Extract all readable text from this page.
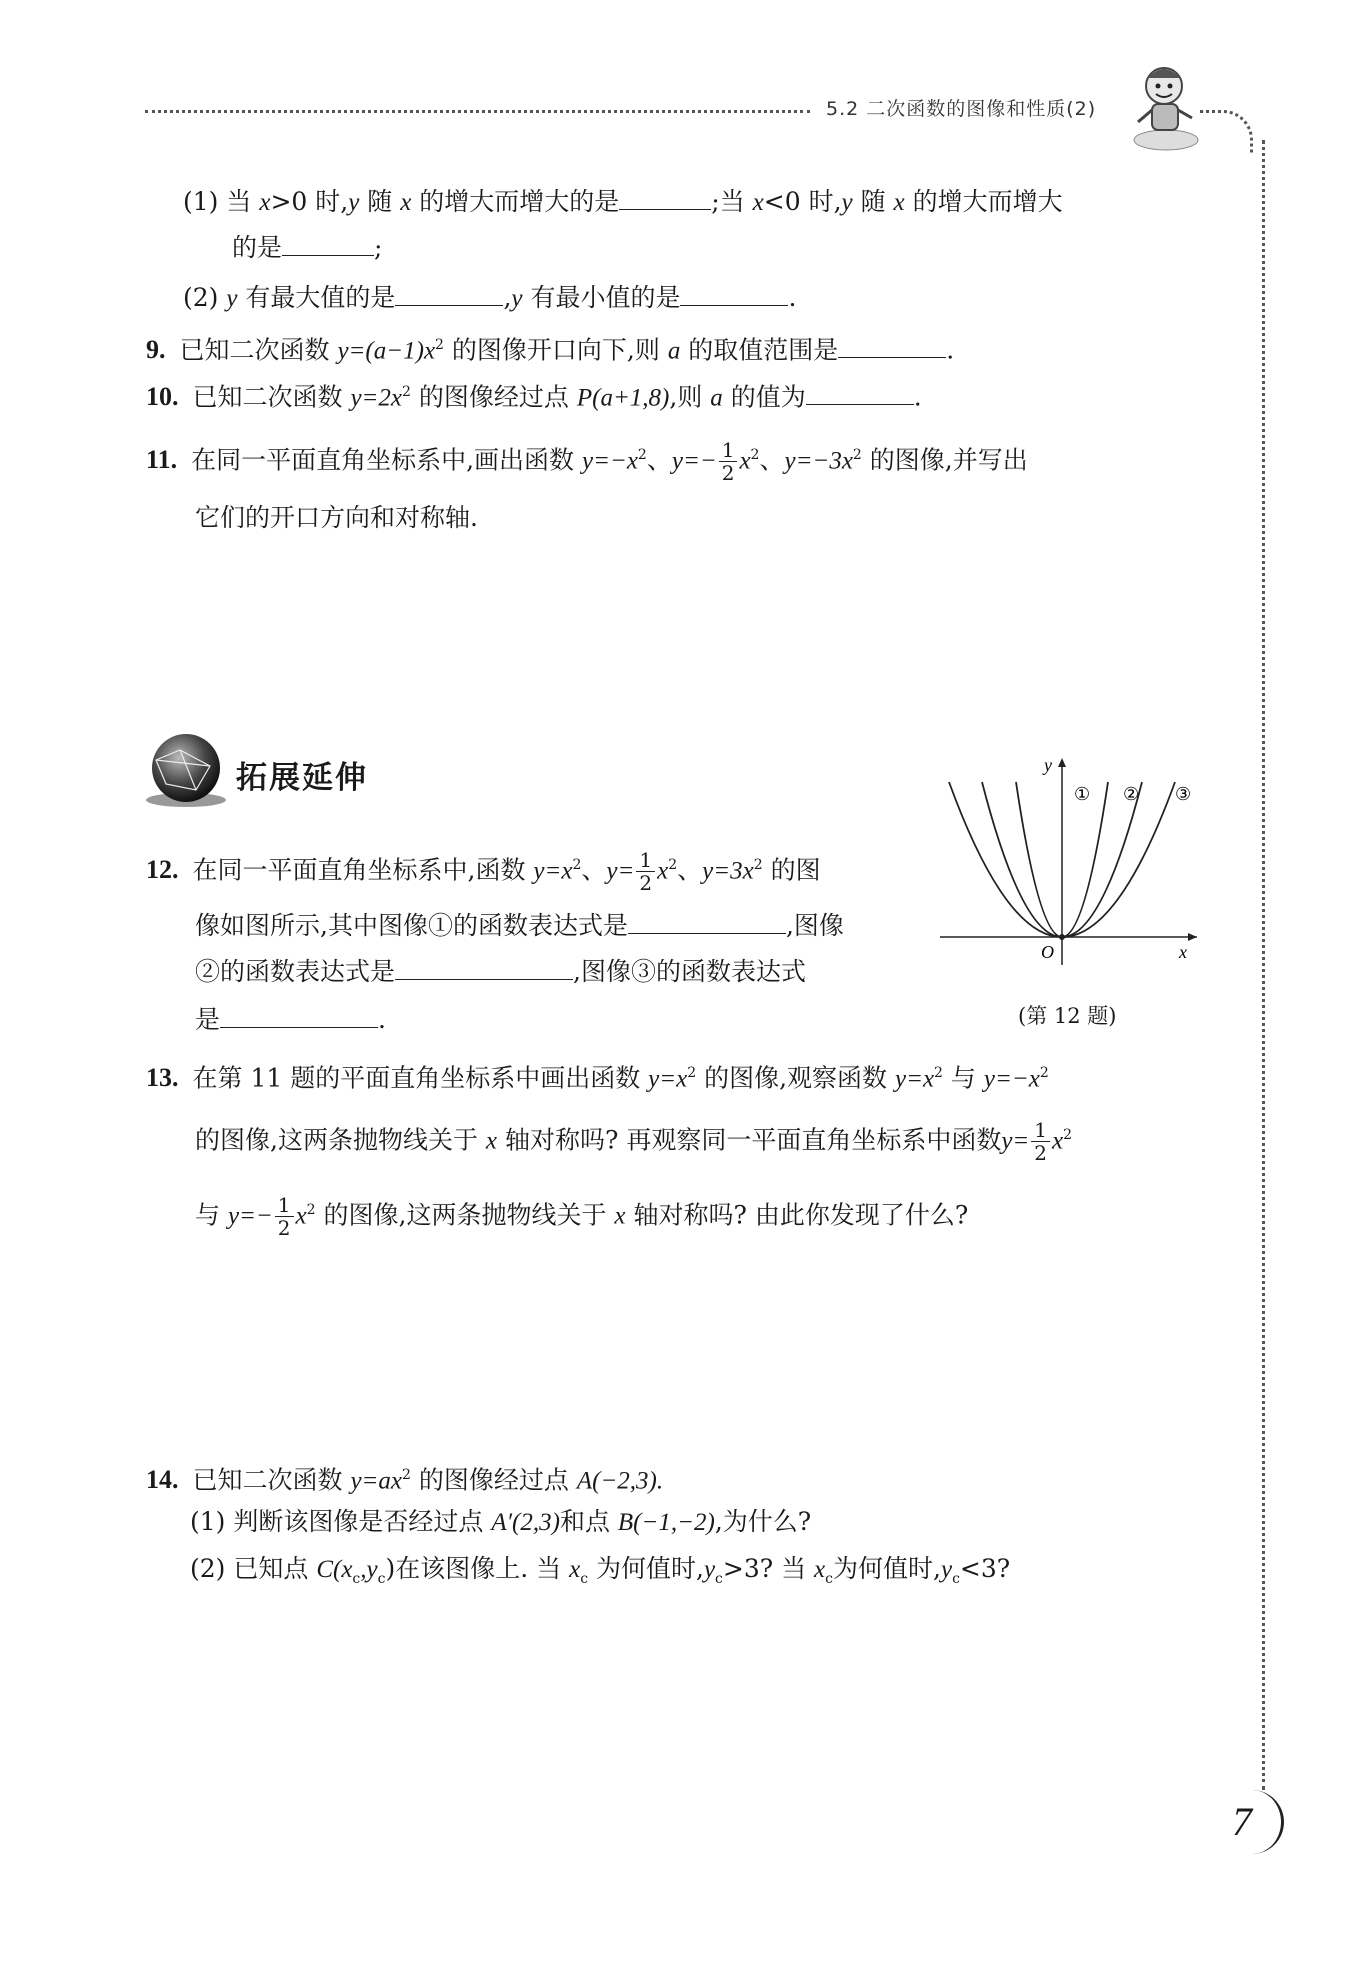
5.2 二次函数的图像和性质(2)
(1) 当 x>0 时,y 随 x 的增大而增大的是	;当 x<0 时,y 随 x 的增大而增大
的是	;
(2) y 有最大值的是	,y 有最小值的是	.
9. 已知二次函数 $y=(a-1)x^2$ 的图像开口向下,则 a 的取值范围是	.
10. 已知二次函数 $y=2x^2$ 的图像经过点 P(a+1,8),则 a 的值为	.
11. 在同一平面直角坐标系中,画出函数 $y=-x^2$、$y=- \frac{1}{2} x^2$、$y=-3x^2$ 的图像,并写出
它们的开口方向和对称轴.
拓展延伸
12. 在同一平面直角坐标系中,函数 $y=x^2$、$y= \frac{1}{2} x^2$、$y=3x^2$ 的图
像如图所示,其中图像①的函数表达式是	,图像
②的函数表达式是	,图像③的函数表达式
是	.
y
x
O
① ② ③
(第 12 题)
13. 在第 11 题的平面直角坐标系中画出函数 $y=x^2$ 的图像,观察函数 $y=x^2$ 与 $y=-x^2$
的图像,这两条抛物线关于 x 轴对称吗? 再观察同一平面直角坐标系中函数$y= \frac{1}{2} x^2$
与 $y=- \frac{1}{2} x^2$ 的图像,这两条抛物线关于 x 轴对称吗? 由此你发现了什么?
14. 已知二次函数 $y=ax^2$ 的图像经过点 A(−2,3).
(1) 判断该图像是否经过点 A′(2,3)和点 B(−1,−2),为什么?
(2) 已知点 $C(x_c,y_c)$在该图像上. 当 $x_c$ 为何值时$,y_c>3$? 当 $x_c$为何值时$,y_c<3$?
7
